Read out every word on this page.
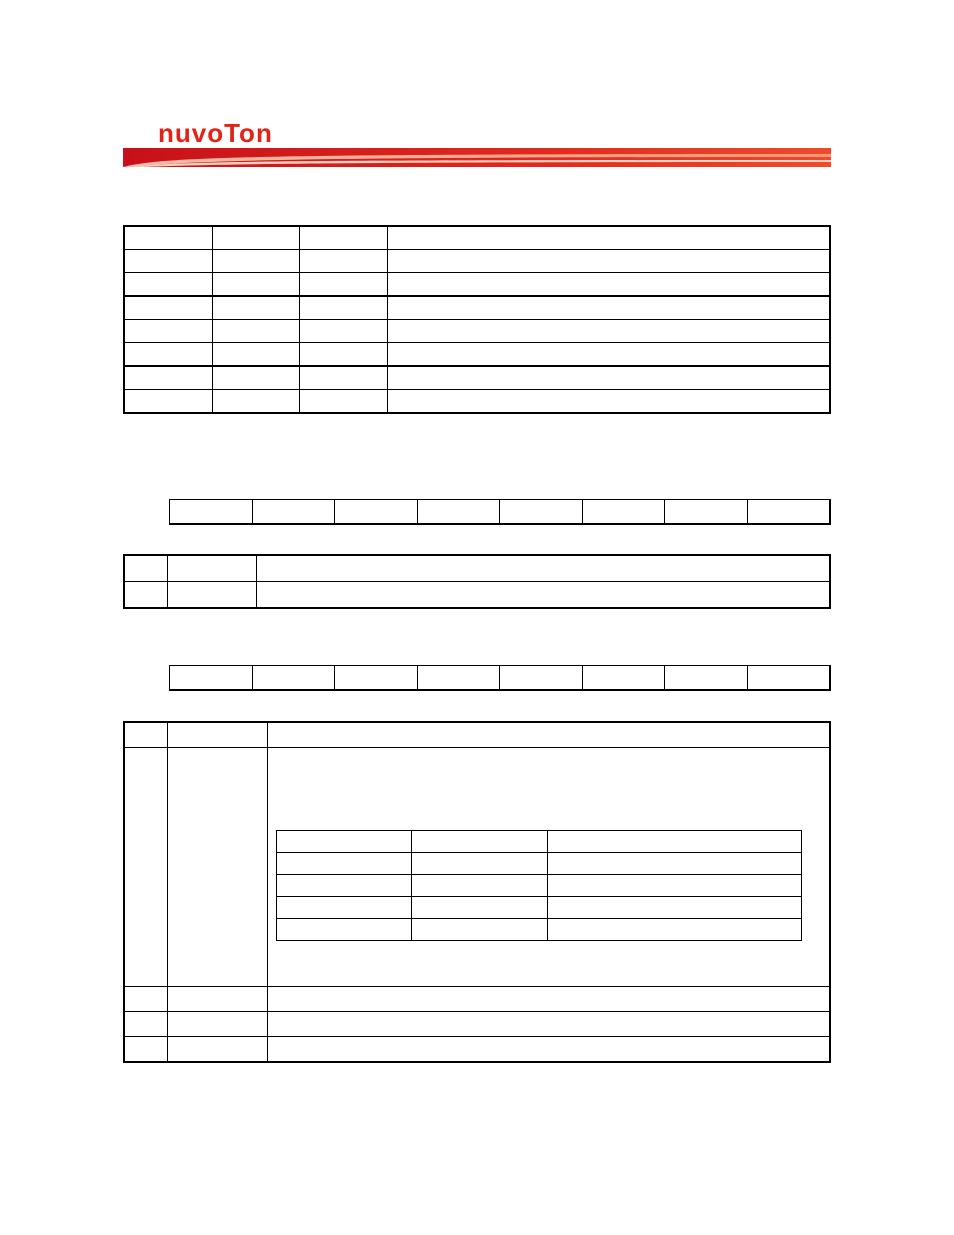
nuvoTon
